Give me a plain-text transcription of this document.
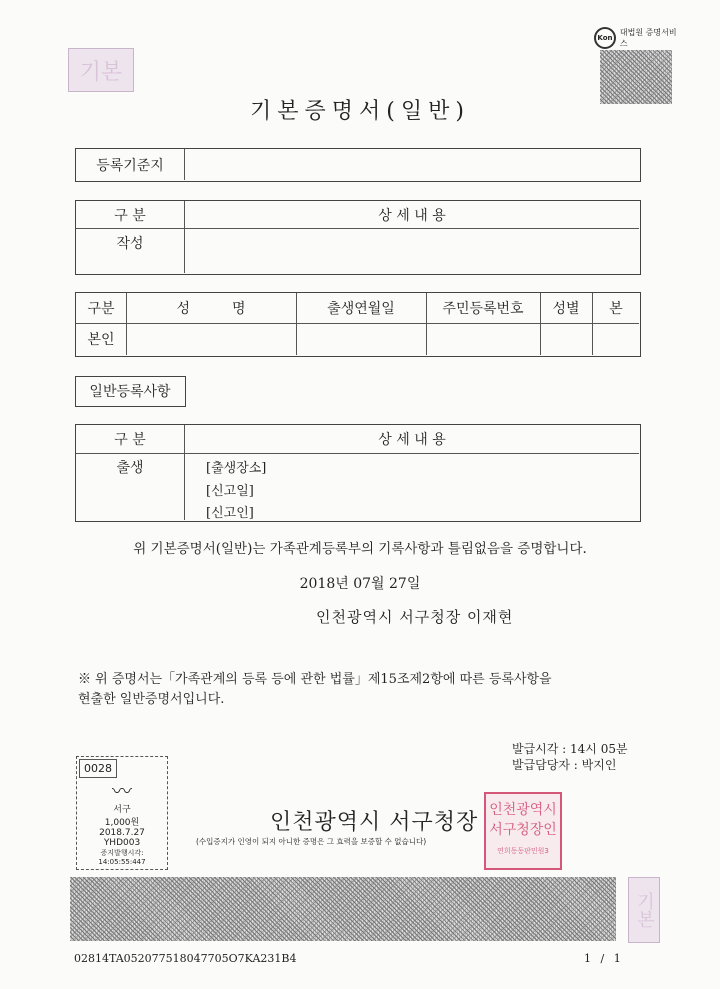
기본
Kon
대법원 증명서비스
기본증명서(일반)
등록기준지
구 분	상 세 내 용
작성
구분	성　　　명	출생연월일	주민등록번호	성별	본
본인
일반등록사항
구 분	상 세 내 용
출생	[출생장소]
[신고일]
[신고인]
위 기본증명서(일반)는 가족관계등록부의 기록사항과 틀림없음을 증명합니다.
2018년 07월 27일
인천광역시 서구청장 이재현
※ 위 증명서는「가족관계의 등록 등에 관한 법률」제15조제2항에 따른 등록사항을
현출한 일반증명서입니다.
발급시각 : 14시 05분
발급담당자 : 박지인
0028
〰
서구
1,000원
2018.7.27
YHD003
증지발행시각: 14:05:55:447
인천광역시 서구청장
(수입증지가 인영이 되지 아니한 증명은 그 효력을 보증할 수 없습니다)
인천광역시
서구청장인
연희동동판민원3
기본
02814TA052077518047705O7KA231B4	1 / 1
